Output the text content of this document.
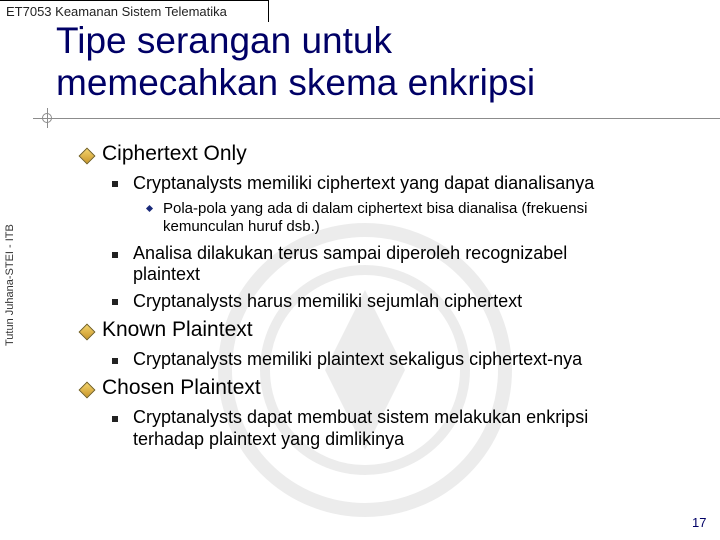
ET7053 Keamanan Sistem Telematika
Tipe serangan untuk
memecahkan skema enkripsi
Tutun Juhana-STEI - ITB
Ciphertext Only
Cryptanalysts memiliki ciphertext yang dapat dianalisanya
Pola-pola yang ada di dalam ciphertext bisa dianalisa (frekuensi
kemunculan huruf dsb.)
Analisa dilakukan terus sampai diperoleh recognizabel
plaintext
Cryptanalysts harus memiliki sejumlah ciphertext
Known Plaintext
Cryptanalysts memiliki plaintext sekaligus ciphertext-nya
Chosen Plaintext
Cryptanalysts dapat membuat sistem melakukan enkripsi
terhadap plaintext yang dimlikinya
17
